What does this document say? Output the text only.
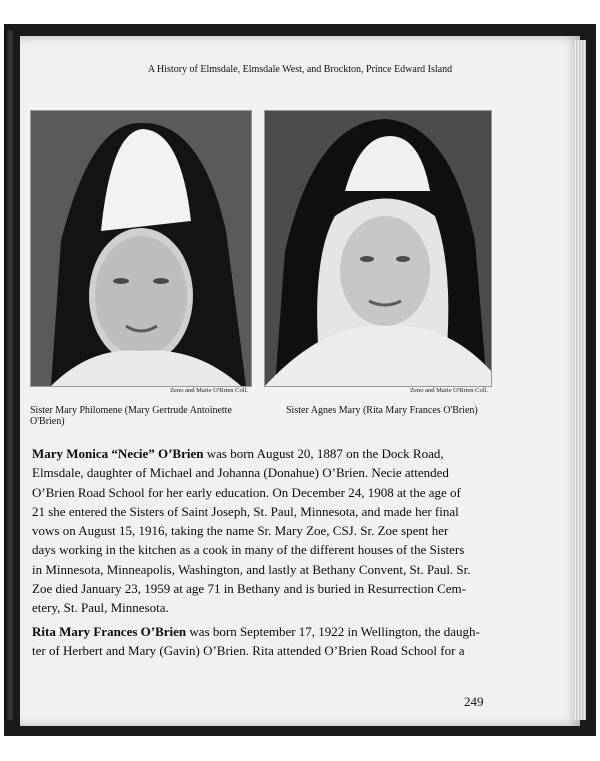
A History of Elmsdale, Elmsdale West, and Brockton, Prince Edward Island
Zeno and Marie O'Brien Coll.	Zeno and Marie O'Brien Coll.
Sister Mary Philomene (Mary Gertrude Antoinette O'Brien)
Sister Agnes Mary (Rita Mary Frances O'Brien)
Mary Monica “Necie” O’Brien was born August 20, 1887 on the Dock Road,
Elmsdale, daughter of Michael and Johanna (Donahue) O’Brien. Necie attended
O’Brien Road School for her early education. On December 24, 1908 at the age of
21 she entered the Sisters of Saint Joseph, St. Paul, Minnesota, and made her final
vows on August 15, 1916, taking the name Sr. Mary Zoe, CSJ. Sr. Zoe spent her
days working in the kitchen as a cook in many of the different houses of the Sisters
in Minnesota, Minneapolis, Washington, and lastly at Bethany Convent, St. Paul. Sr.
Zoe died January 23, 1959 at age 71 in Bethany and is buried in Resurrection Cem-
etery, St. Paul, Minnesota.
Rita Mary Frances O’Brien was born September 17, 1922 in Wellington, the daugh-
ter of Herbert and Mary (Gavin) O’Brien. Rita attended O’Brien Road School for a
249
